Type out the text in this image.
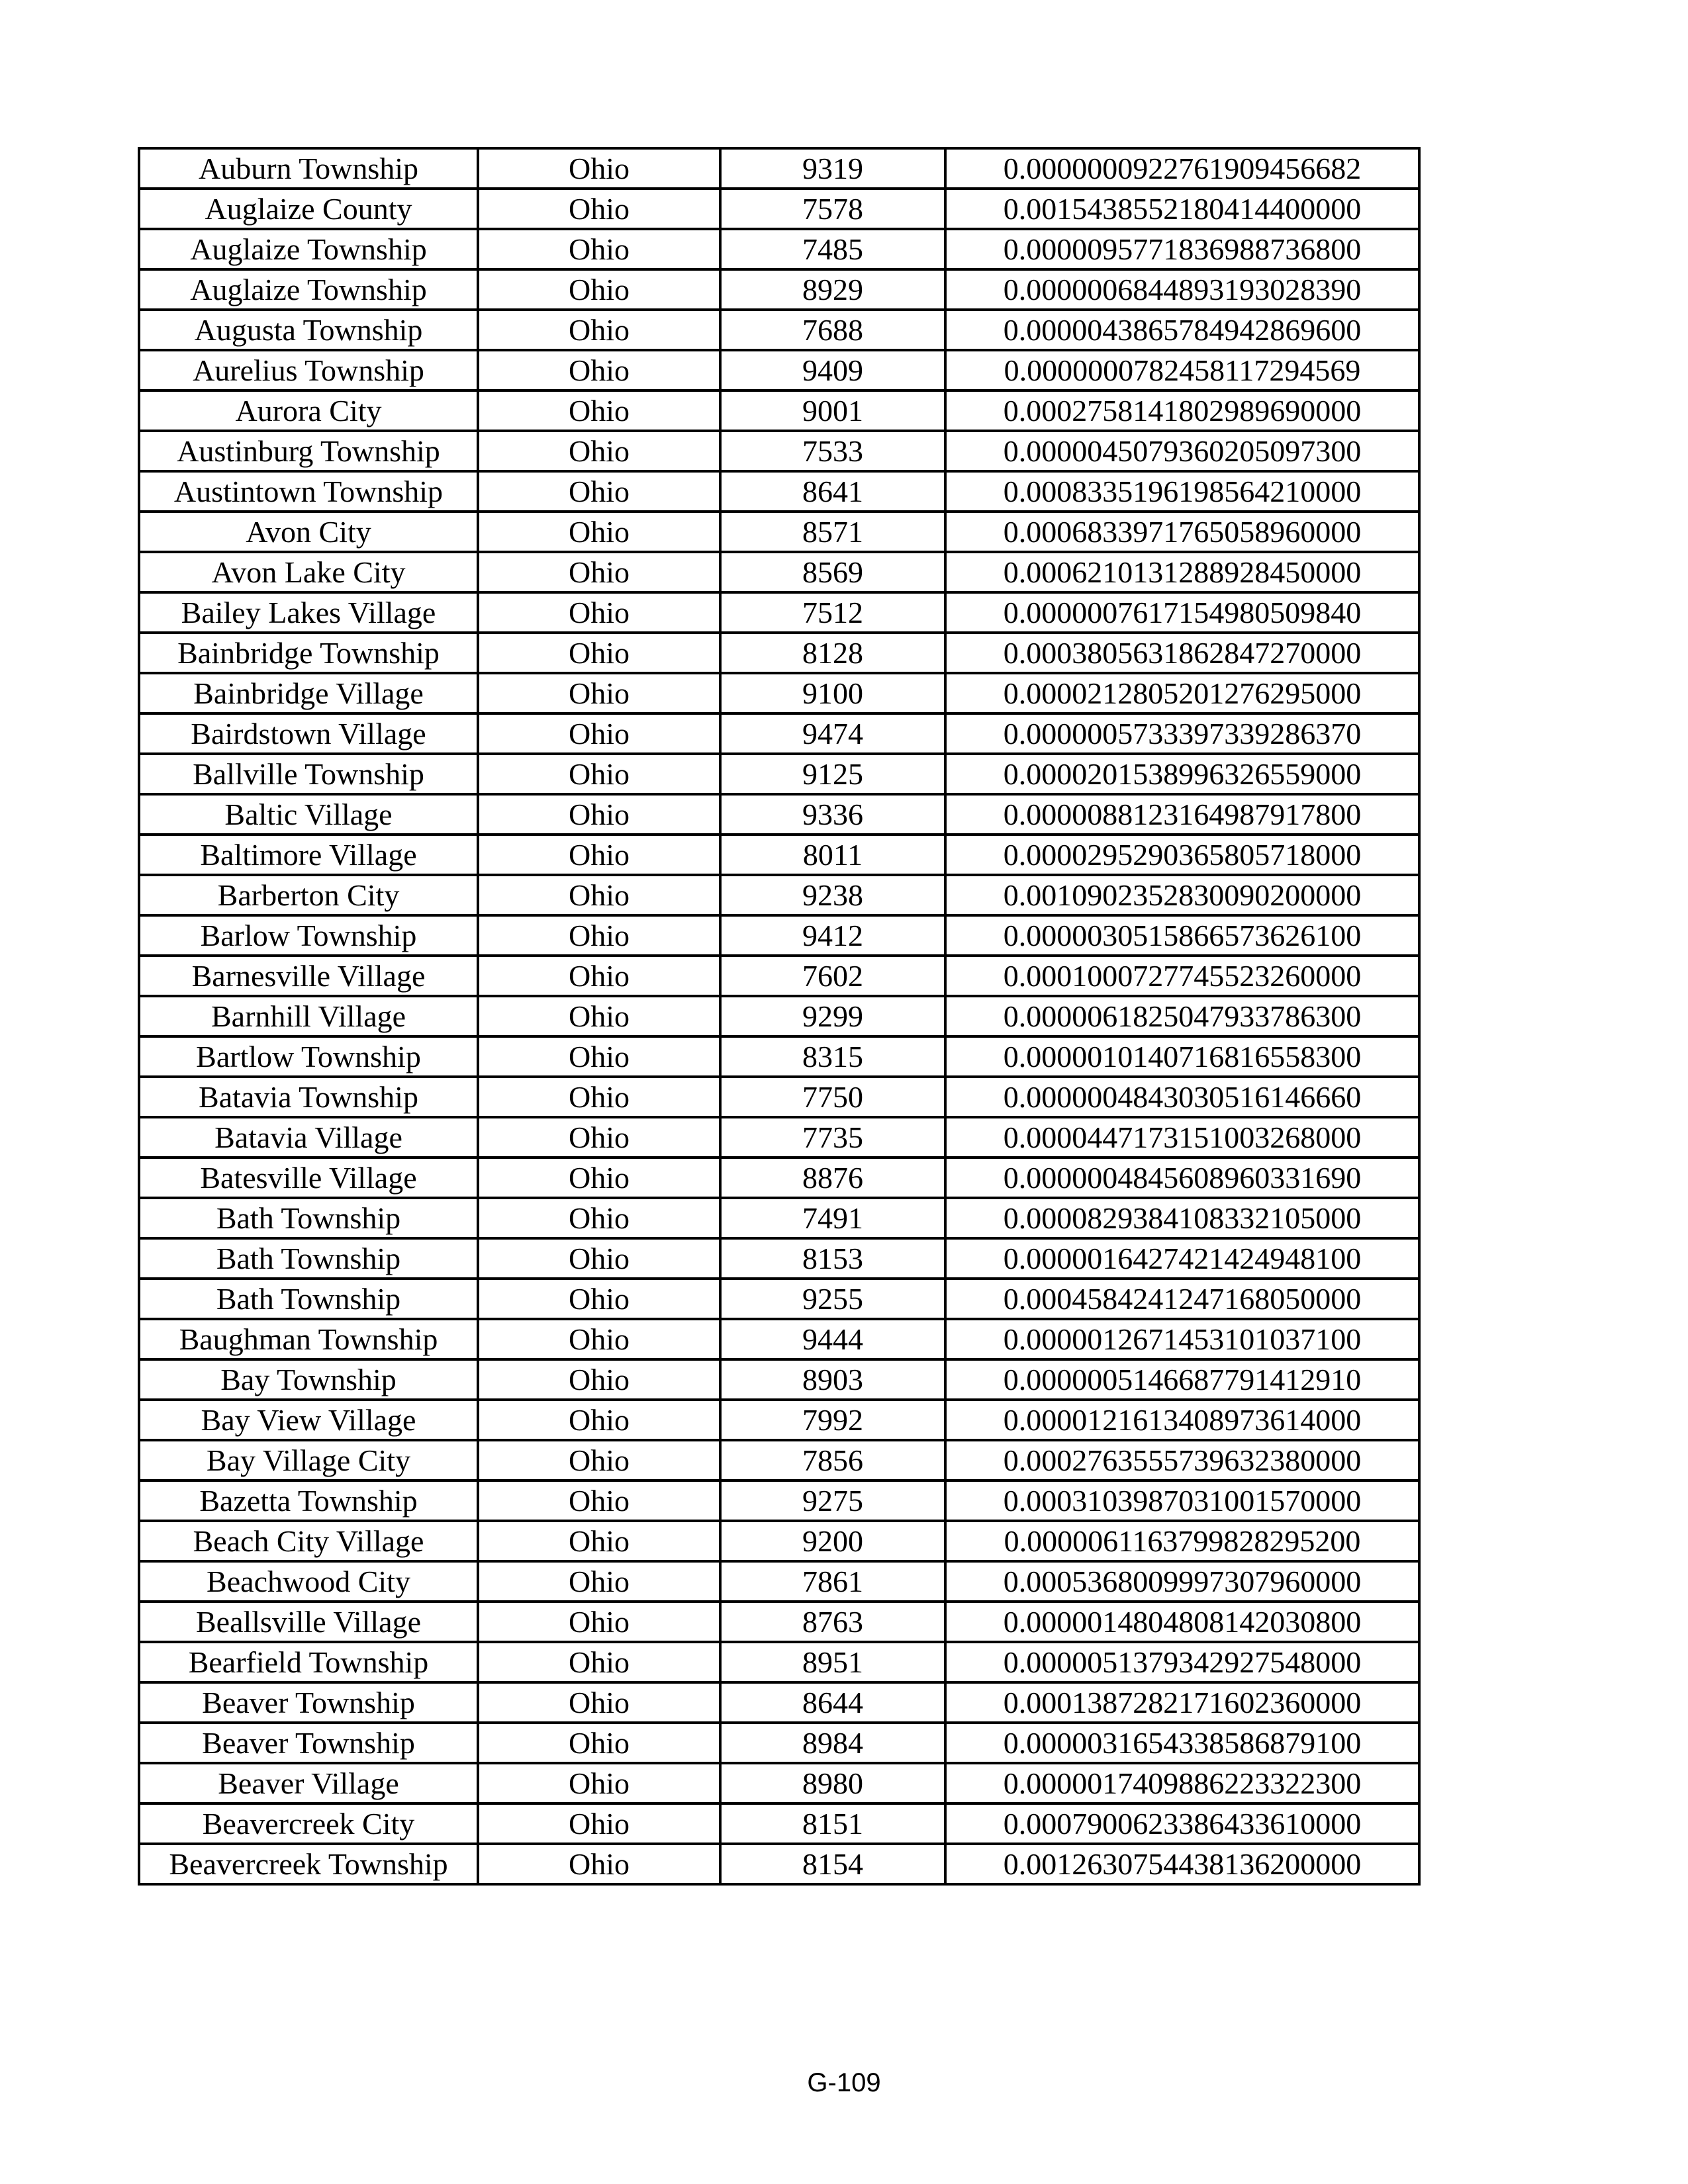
Auburn Township	Ohio	9319	0.0000000922761909456682
Auglaize County	Ohio	7578	0.0015438552180414400000
Auglaize Township	Ohio	7485	0.0000095771836988736800
Auglaize Township	Ohio	8929	0.0000006844893193028390
Augusta Township	Ohio	7688	0.0000043865784942869600
Aurelius Township	Ohio	9409	0.0000000782458117294569
Aurora City	Ohio	9001	0.0002758141802989690000
Austinburg Township	Ohio	7533	0.0000045079360205097300
Austintown Township	Ohio	8641	0.0008335196198564210000
Avon City	Ohio	8571	0.0006833971765058960000
Avon Lake City	Ohio	8569	0.0006210131288928450000
Bailey Lakes Village	Ohio	7512	0.0000007617154980509840
Bainbridge Township	Ohio	8128	0.0003805631862847270000
Bainbridge Village	Ohio	9100	0.0000212805201276295000
Bairdstown Village	Ohio	9474	0.0000005733397339286370
Ballville Township	Ohio	9125	0.0000201538996326559000
Baltic Village	Ohio	9336	0.0000088123164987917800
Baltimore Village	Ohio	8011	0.0000295290365805718000
Barberton City	Ohio	9238	0.0010902352830090200000
Barlow Township	Ohio	9412	0.0000030515866573626100
Barnesville Village	Ohio	7602	0.0001000727745523260000
Barnhill Village	Ohio	9299	0.0000061825047933786300
Bartlow Township	Ohio	8315	0.0000010140716816558300
Batavia Township	Ohio	7750	0.0000004843030516146660
Batavia Village	Ohio	7735	0.0000447173151003268000
Batesville Village	Ohio	8876	0.0000004845608960331690
Bath Township	Ohio	7491	0.0000829384108332105000
Bath Township	Ohio	8153	0.0000016427421424948100
Bath Township	Ohio	9255	0.0004584241247168050000
Baughman Township	Ohio	9444	0.0000012671453101037100
Bay Township	Ohio	8903	0.0000005146687791412910
Bay View Village	Ohio	7992	0.0000121613408973614000
Bay Village City	Ohio	7856	0.0002763555739632380000
Bazetta Township	Ohio	9275	0.0003103987031001570000
Beach City Village	Ohio	9200	0.0000061163799828295200
Beachwood City	Ohio	7861	0.0005368009997307960000
Beallsville Village	Ohio	8763	0.0000014804808142030800
Bearfield Township	Ohio	8951	0.0000051379342927548000
Beaver Township	Ohio	8644	0.0001387282171602360000
Beaver Township	Ohio	8984	0.0000031654338586879100
Beaver Village	Ohio	8980	0.0000017409886223322300
Beavercreek City	Ohio	8151	0.0007900623386433610000
Beavercreek Township	Ohio	8154	0.0012630754438136200000
G-109
